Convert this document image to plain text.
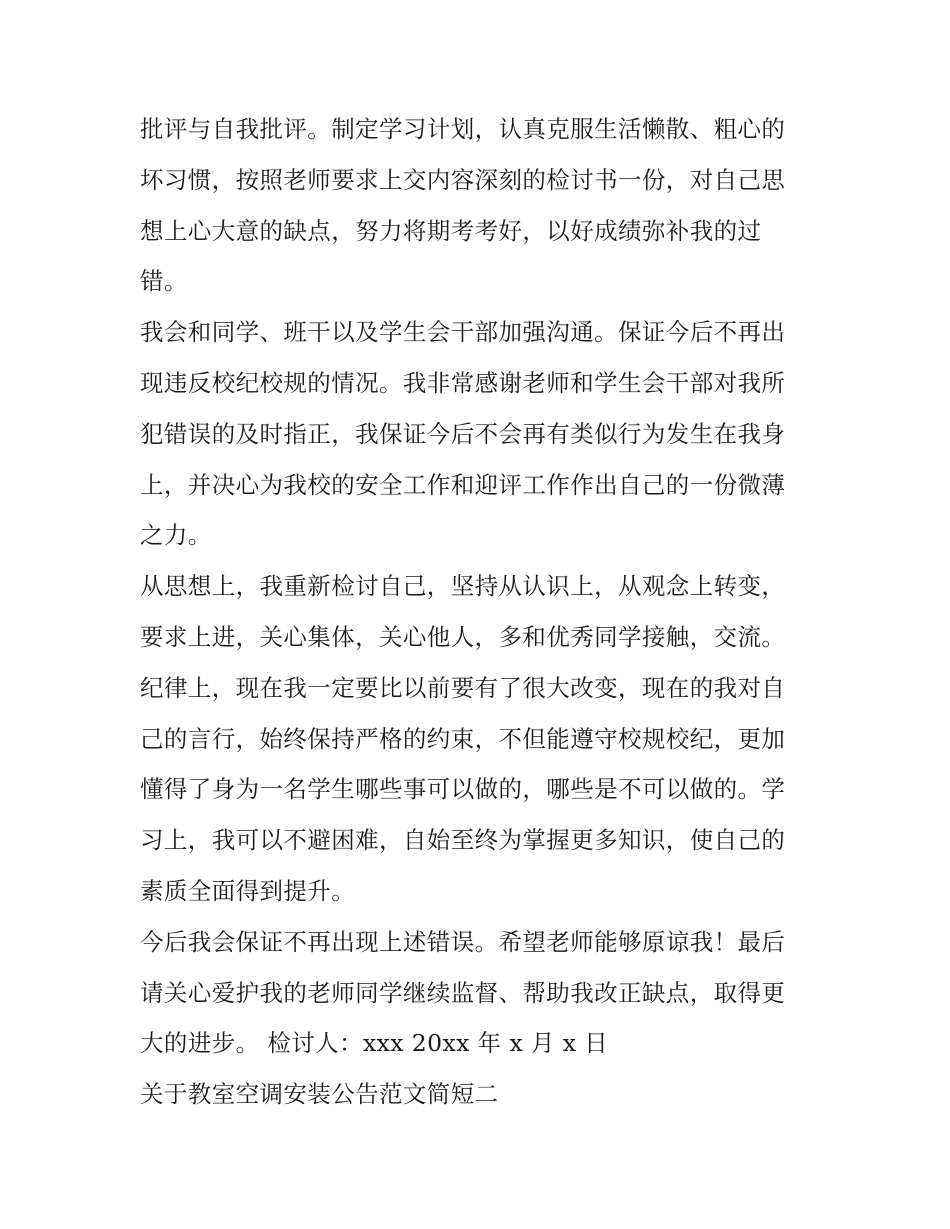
批评与自我批评。制定学习计划，认真克服生活懒散、粗心的
坏习惯，按照老师要求上交内容深刻的检讨书一份，对自己思
想上心大意的缺点，努力将期考考好，以好成绩弥补我的过
错。

我会和同学、班干以及学生会干部加强沟通。保证今后不再出
现违反校纪校规的情况。我非常感谢老师和学生会干部对我所
犯错误的及时指正，我保证今后不会再有类似行为发生在我身
上，并决心为我校的安全工作和迎评工作作出自己的一份微薄
之力。

从思想上，我重新检讨自己，坚持从认识上，从观念上转变，
要求上进，关心集体，关心他人，多和优秀同学接触，交流。
纪律上，现在我一定要比以前要有了很大改变，现在的我对自
己的言行，始终保持严格的约束，不但能遵守校规校纪，更加
懂得了身为一名学生哪些事可以做的，哪些是不可以做的。学
习上，我可以不避困难，自始至终为掌握更多知识，使自己的
素质全面得到提升。

今后我会保证不再出现上述错误。希望老师能够原谅我！最后
请关心爱护我的老师同学继续监督、帮助我改正缺点，取得更
大的进步。 检讨人：xxx 20xx 年 x 月 x 日

关于教室空调安装公告范文简短二
